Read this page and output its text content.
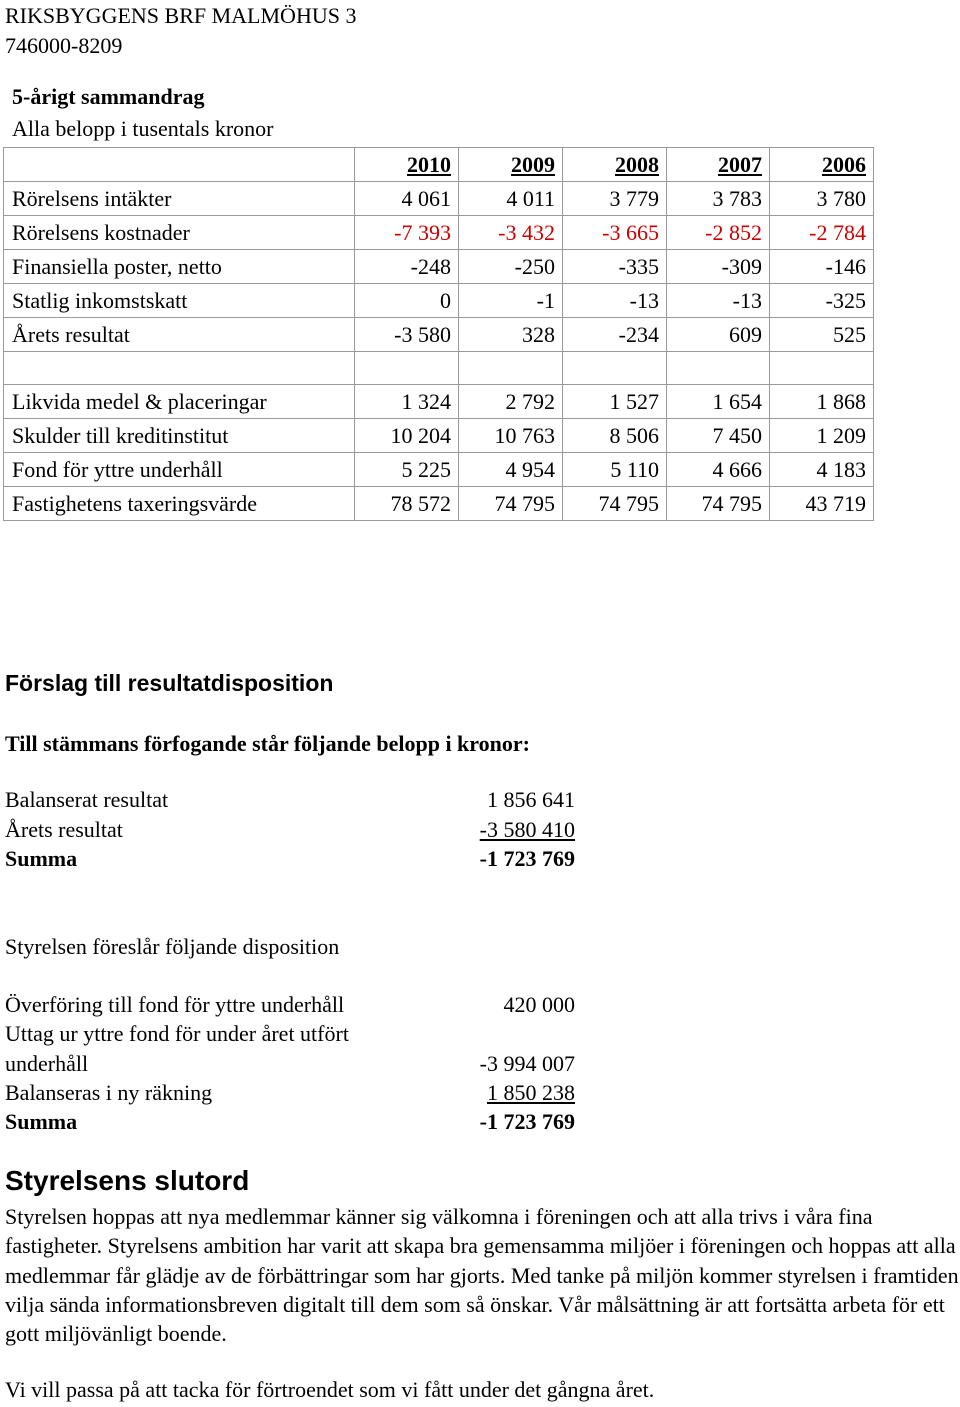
RIKSBYGGENS BRF MALMÖHUS 3
746000-8209
5-årigt sammandrag
Alla belopp i tusentals kronor
	2010	2009	2008	2007	2006
Rörelsens intäkter	4 061	4 011	3 779	3 783	3 780
Rörelsens kostnader	-7 393	-3 432	-3 665	-2 852	-2 784
Finansiella poster, netto	-248	-250	-335	-309	-146
Statlig inkomstskatt	0	-1	-13	-13	-325
Årets resultat	-3 580	328	-234	609	525

Likvida medel & placeringar	1 324	2 792	1 527	1 654	1 868
Skulder till kreditinstitut	10 204	10 763	8 506	7 450	1 209
Fond för yttre underhåll	5 225	4 954	5 110	4 666	4 183
Fastighetens taxeringsvärde	78 572	74 795	74 795	74 795	43 719
Förslag till resultatdisposition
Till stämmans förfogande står följande belopp i kronor:
Balanserat resultat	1 856 641
Årets resultat	-3 580 410
Summa	-1 723 769
Styrelsen föreslår följande disposition
Överföring till fond för yttre underhåll	420 000
Uttag ur yttre fond för under året utfört
underhåll	-3 994 007
Balanseras i ny räkning	1 850 238
Summa	-1 723 769
Styrelsens slutord

Styrelsen hoppas att nya medlemmar känner sig välkomna i föreningen och att alla trivs i våra fina fastigheter. Styrelsens ambition har varit att skapa bra gemensamma miljöer i föreningen och hoppas att alla medlemmar får glädje av de förbättringar som har gjorts. Med tanke på miljön kommer styrelsen i framtiden vilja sända informationsbreven digitalt till dem som så önskar. Vår målsättning är att fortsätta arbeta för ett gott miljövänligt boende.

Vi vill passa på att tacka för förtroendet som vi fått under det gångna året.
